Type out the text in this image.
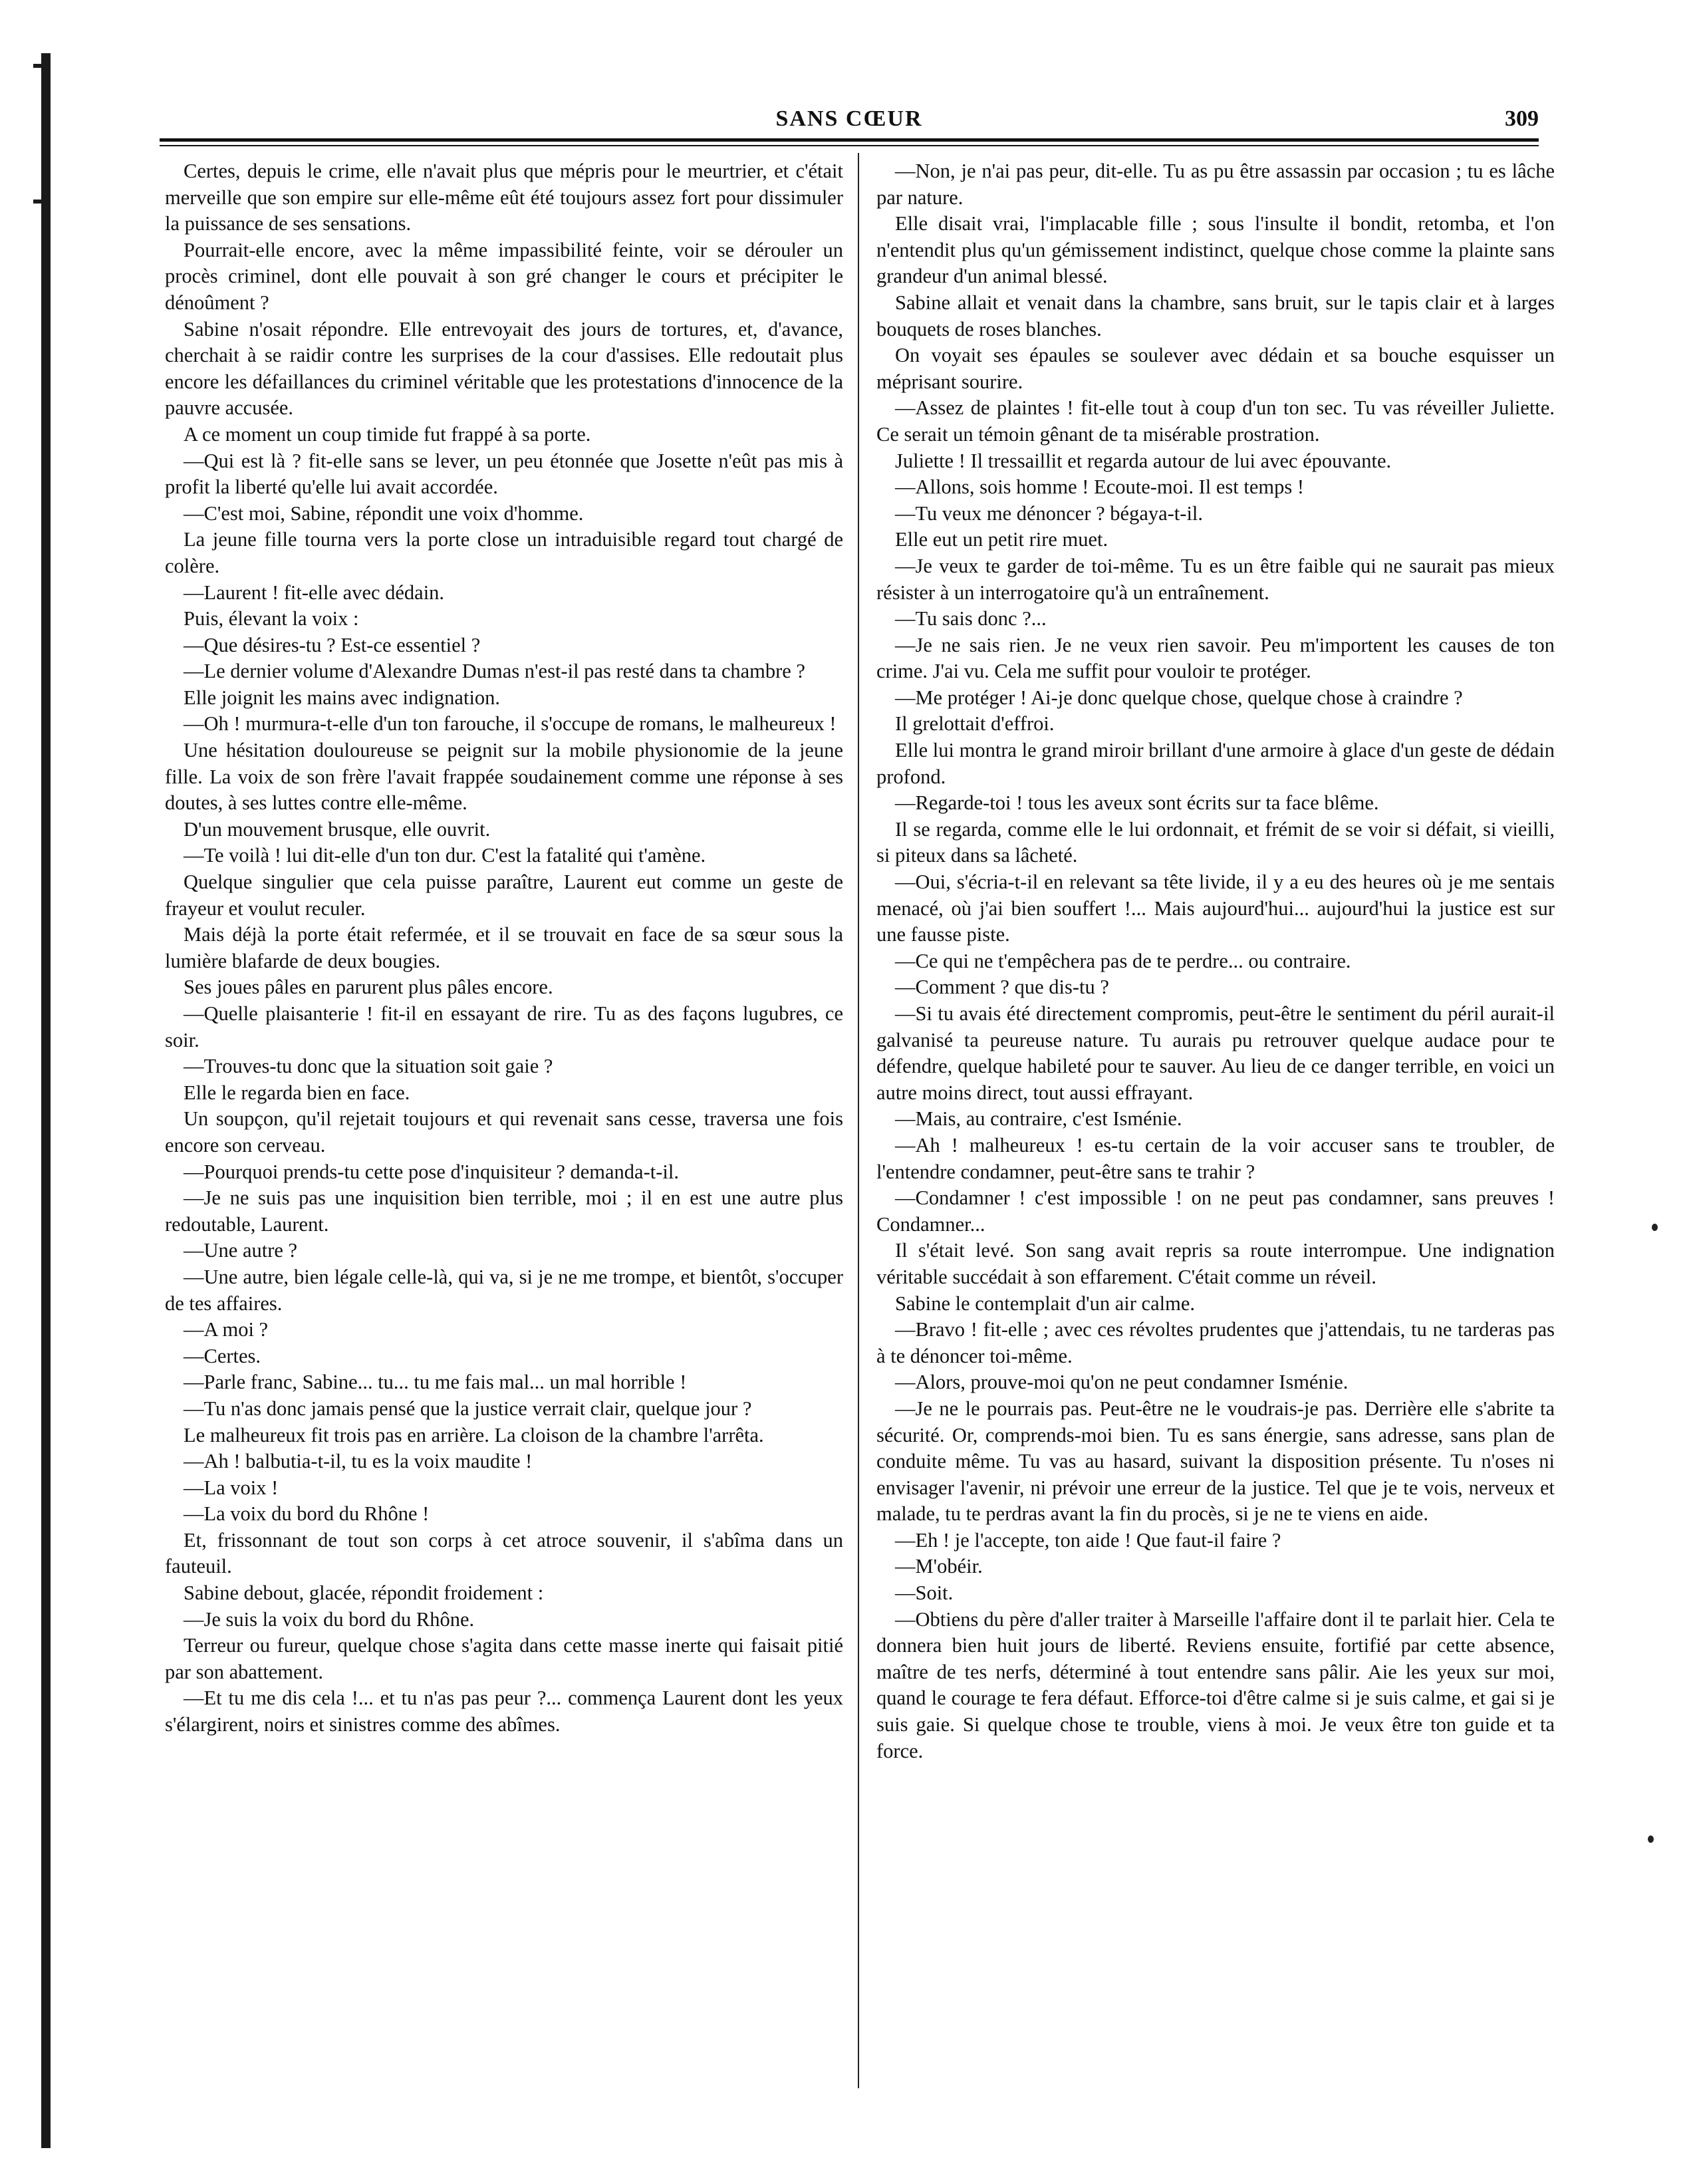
SANS CŒUR	309

Certes, depuis le crime, elle n'avait plus que mépris pour le meurtrier, et c'était merveille que son empire sur elle-même eût été toujours assez fort pour dissimuler la puissance de ses sensations.

Pourrait-elle encore, avec la même impassibilité feinte, voir se dérouler un procès criminel, dont elle pouvait à son gré changer le cours et précipiter le dénoûment ?

Sabine n'osait répondre. Elle entrevoyait des jours de tortures, et, d'avance, cherchait à se raidir contre les surprises de la cour d'assises. Elle redoutait plus encore les défaillances du criminel véritable que les protestations d'innocence de la pauvre accusée.

A ce moment un coup timide fut frappé à sa porte.

—Qui est là ? fit-elle sans se lever, un peu étonnée que Josette n'eût pas mis à profit la liberté qu'elle lui avait accordée.

—C'est moi, Sabine, répondit une voix d'homme.

La jeune fille tourna vers la porte close un intraduisible regard tout chargé de colère.

—Laurent ! fit-elle avec dédain.

Puis, élevant la voix :

—Que désires-tu ? Est-ce essentiel ?

—Le dernier volume d'Alexandre Dumas n'est-il pas resté dans ta chambre ?

Elle joignit les mains avec indignation.

—Oh ! murmura-t-elle d'un ton farouche, il s'occupe de romans, le malheureux !

Une hésitation douloureuse se peignit sur la mobile physionomie de la jeune fille. La voix de son frère l'avait frappée soudainement comme une réponse à ses doutes, à ses luttes contre elle-même.

D'un mouvement brusque, elle ouvrit.

—Te voilà ! lui dit-elle d'un ton dur. C'est la fatalité qui t'amène.

Quelque singulier que cela puisse paraître, Laurent eut comme un geste de frayeur et voulut reculer.

Mais déjà la porte était refermée, et il se trouvait en face de sa sœur sous la lumière blafarde de deux bougies.

Ses joues pâles en parurent plus pâles encore.

—Quelle plaisanterie ! fit-il en essayant de rire. Tu as des façons lugubres, ce soir.

—Trouves-tu donc que la situation soit gaie ?

Elle le regarda bien en face.

Un soupçon, qu'il rejetait toujours et qui revenait sans cesse, traversa une fois encore son cerveau.

—Pourquoi prends-tu cette pose d'inquisiteur ? demanda-t-il.

—Je ne suis pas une inquisition bien terrible, moi ; il en est une autre plus redoutable, Laurent.

—Une autre ?

—Une autre, bien légale celle-là, qui va, si je ne me trompe, et bientôt, s'occuper de tes affaires.

—A moi ?

—Certes.

—Parle franc, Sabine... tu... tu me fais mal... un mal horrible !

—Tu n'as donc jamais pensé que la justice verrait clair, quelque jour ?

Le malheureux fit trois pas en arrière. La cloison de la chambre l'arrêta.

—Ah ! balbutia-t-il, tu es la voix maudite !

—La voix !

—La voix du bord du Rhône !

Et, frissonnant de tout son corps à cet atroce souvenir, il s'abîma dans un fauteuil.

Sabine debout, glacée, répondit froidement :

—Je suis la voix du bord du Rhône.

Terreur ou fureur, quelque chose s'agita dans cette masse inerte qui faisait pitié par son abattement.

—Et tu me dis cela !... et tu n'as pas peur ?... commença Laurent dont les yeux s'élargirent, noirs et sinistres comme des abîmes.

—Non, je n'ai pas peur, dit-elle. Tu as pu être assassin par occasion ; tu es lâche par nature.

Elle disait vrai, l'implacable fille ; sous l'insulte il bondit, retomba, et l'on n'entendit plus qu'un gémissement indistinct, quelque chose comme la plainte sans grandeur d'un animal blessé.

Sabine allait et venait dans la chambre, sans bruit, sur le tapis clair et à larges bouquets de roses blanches.

On voyait ses épaules se soulever avec dédain et sa bouche esquisser un méprisant sourire.

—Assez de plaintes ! fit-elle tout à coup d'un ton sec. Tu vas réveiller Juliette. Ce serait un témoin gênant de ta misérable prostration.

Juliette ! Il tressaillit et regarda autour de lui avec épouvante.

—Allons, sois homme ! Ecoute-moi. Il est temps !

—Tu veux me dénoncer ? bégaya-t-il.

Elle eut un petit rire muet.

—Je veux te garder de toi-même. Tu es un être faible qui ne saurait pas mieux résister à un interrogatoire qu'à un entraînement.

—Tu sais donc ?...

—Je ne sais rien. Je ne veux rien savoir. Peu m'importent les causes de ton crime. J'ai vu. Cela me suffit pour vouloir te protéger.

—Me protéger ! Ai-je donc quelque chose, quelque chose à craindre ?

Il grelottait d'effroi.

Elle lui montra le grand miroir brillant d'une armoire à glace d'un geste de dédain profond.

—Regarde-toi ! tous les aveux sont écrits sur ta face blême.

Il se regarda, comme elle le lui ordonnait, et frémit de se voir si défait, si vieilli, si piteux dans sa lâcheté.

—Oui, s'écria-t-il en relevant sa tête livide, il y a eu des heures où je me sentais menacé, où j'ai bien souffert !... Mais aujourd'hui... aujourd'hui la justice est sur une fausse piste.

—Ce qui ne t'empêchera pas de te perdre... ou contraire.

—Comment ? que dis-tu ?

—Si tu avais été directement compromis, peut-être le sentiment du péril aurait-il galvanisé ta peureuse nature. Tu aurais pu retrouver quelque audace pour te défendre, quelque habileté pour te sauver. Au lieu de ce danger terrible, en voici un autre moins direct, tout aussi effrayant.

—Mais, au contraire, c'est Isménie.

—Ah ! malheureux ! es-tu certain de la voir accuser sans te troubler, de l'entendre condamner, peut-être sans te trahir ?

—Condamner ! c'est impossible ! on ne peut pas condamner, sans preuves ! Condamner...

Il s'était levé. Son sang avait repris sa route interrompue. Une indignation véritable succédait à son effarement. C'était comme un réveil.

Sabine le contemplait d'un air calme.

—Bravo ! fit-elle ; avec ces révoltes prudentes que j'attendais, tu ne tarderas pas à te dénoncer toi-même.

—Alors, prouve-moi qu'on ne peut condamner Isménie.

—Je ne le pourrais pas. Peut-être ne le voudrais-je pas. Derrière elle s'abrite ta sécurité. Or, comprends-moi bien. Tu es sans énergie, sans adresse, sans plan de conduite même. Tu vas au hasard, suivant la disposition présente. Tu n'oses ni envisager l'avenir, ni prévoir une erreur de la justice. Tel que je te vois, nerveux et malade, tu te perdras avant la fin du procès, si je ne te viens en aide.

—Eh ! je l'accepte, ton aide ! Que faut-il faire ?

—M'obéir.

—Soit.

—Obtiens du père d'aller traiter à Marseille l'affaire dont il te parlait hier. Cela te donnera bien huit jours de liberté. Reviens ensuite, fortifié par cette absence, maître de tes nerfs, déterminé à tout entendre sans pâlir. Aie les yeux sur moi, quand le courage te fera défaut. Efforce-toi d'être calme si je suis calme, et gai si je suis gaie. Si quelque chose te trouble, viens à moi. Je veux être ton guide et ta force.
